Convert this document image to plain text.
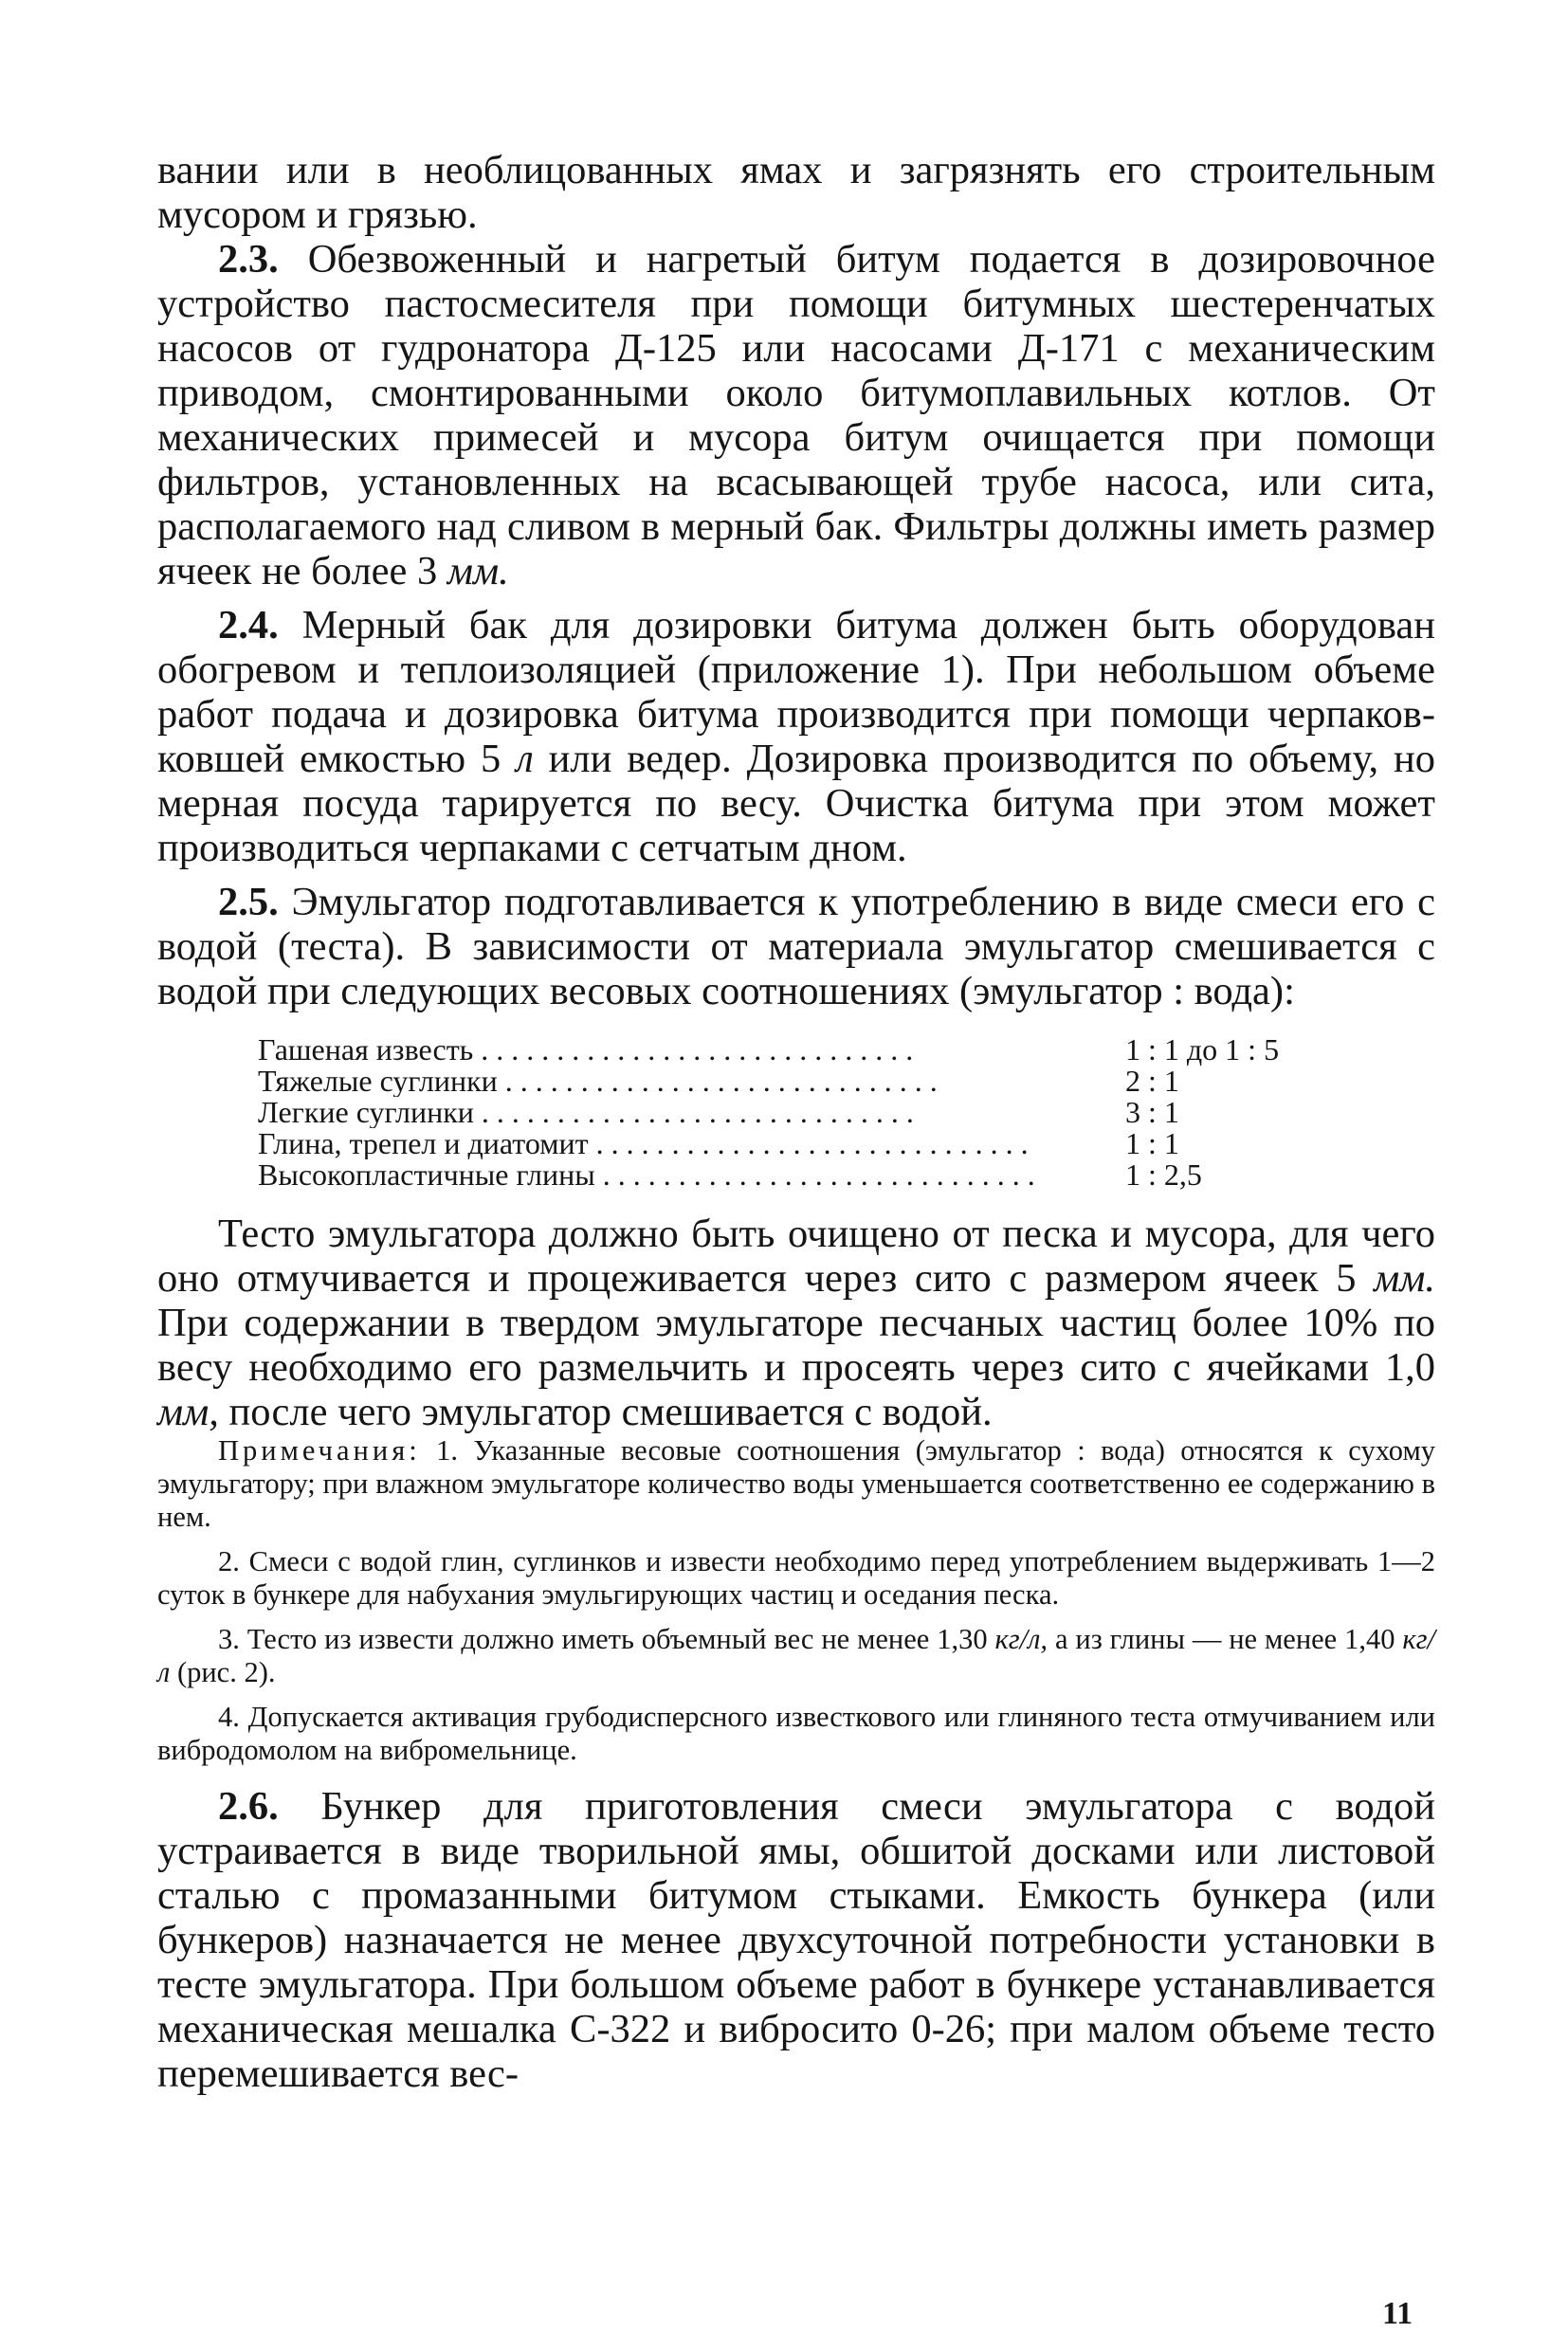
вании или в необлицованных ямах и загрязнять его строительным мусором и грязью.

2.3. Обезвоженный и нагретый битум подается в дозировочное устройство пастосмесителя при помощи битумных шестеренчатых насосов от гудронатора Д-125 или насосами Д-171 с механическим приводом, смонтированными около битумоплавильных котлов. От механических примесей и мусора битум очищается при помощи фильтров, установленных на всасывающей трубе насоса, или сита, располагаемого над сливом в мерный бак. Фильтры должны иметь размер ячеек не более 3 мм.

2.4. Мерный бак для дозировки битума должен быть оборудован обогревом и теплоизоляцией (приложение 1). При небольшом объеме работ подача и дозировка битума производится при помощи черпаков-ковшей емкостью 5 л или ведер. Дозировка производится по объему, но мерная посуда тарируется по весу. Очистка битума при этом может производиться черпаками с сетчатым дном.

2.5. Эмульгатор подготавливается к употреблению в виде смеси его с водой (теста). В зависимости от материала эмульгатор смешивается с водой при следующих весовых соотношениях (эмульгатор : вода):

Гашеная известь . . . . . . . . . . . . . . . . . . . . . . . . . . . . .	1 : 1 до 1 : 5
Тяжелые суглинки . . . . . . . . . . . . . . . . . . . . . . . . . . . . .	2 : 1
Легкие суглинки . . . . . . . . . . . . . . . . . . . . . . . . . . . . .	3 : 1
Глина, трепел и диатомит . . . . . . . . . . . . . . . . . . . . . . . . . . . . .	1 : 1
Высокопластичные глины . . . . . . . . . . . . . . . . . . . . . . . . . . . . .	1 : 2,5

Тесто эмульгатора должно быть очищено от песка и мусора, для чего оно отмучивается и процеживается через сито с размером ячеек 5 мм. При содержании в твердом эмульгаторе песчаных частиц более 10% по весу необходимо его размельчить и просеять через сито с ячейками 1,0 мм, после чего эмульгатор смешивается с водой.

Примечания: 1. Указанные весовые соотношения (эмульгатор : вода) относятся к сухому эмульгатору; при влажном эмульгаторе количество воды уменьшается соответственно ее содержанию в нем.

2. Смеси с водой глин, суглинков и извести необходимо перед употреблением выдерживать 1—2 суток в бункере для набухания эмульгирующих частиц и оседания песка.

3. Тесто из извести должно иметь объемный вес не менее 1,30 кг/л, а из глины — не менее 1,40 кг/л (рис. 2).

4. Допускается активация грубодисперсного известкового или глиняного теста отмучиванием или вибродомолом на вибромельнице.

2.6. Бункер для приготовления смеси эмульгатора с водой устраивается в виде творильной ямы, обшитой досками или листовой сталью с промазанными битумом стыками. Емкость бункера (или бункеров) назначается не менее двухсуточной потребности установки в тесте эмульгатора. При большом объеме работ в бункере устанавливается механическая мешалка С-322 и вибросито 0-26; при малом объеме тесто перемешивается вес-

11
